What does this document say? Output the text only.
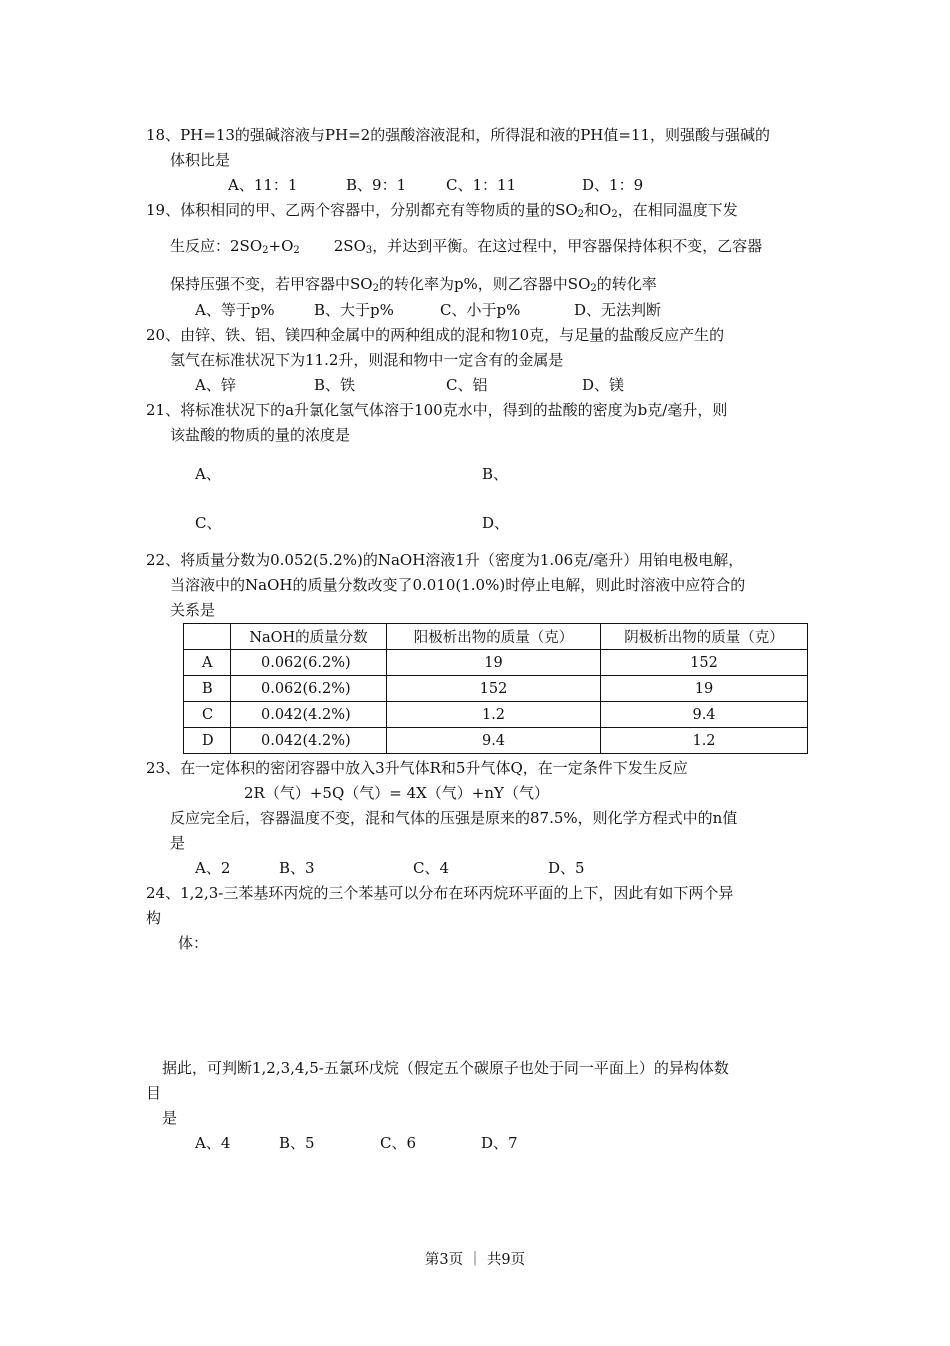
18、PH=13的强碱溶液与PH=2的强酸溶液混和，所得混和液的PH值=11，则强酸与强碱的
体积比是
A、11：1	B、9：1	C、1：11	D、1：9
19、体积相同的甲、乙两个容器中，分别都充有等物质的量的$SO_2$和$O_2$，在相同温度下发
生反应：$2SO_2+O_2$ $2SO_3$，并达到平衡。在这过程中，甲容器保持体积不变，乙容器
保持压强不变，若甲容器中$SO_2$的转化率为p%，则乙容器中$SO_2$的转化率
A、等于p%	B、大于p%	C、小于p%	D、无法判断
20、由锌、铁、铝、镁四种金属中的两种组成的混和物10克，与足量的盐酸反应产生的
氢气在标准状况下为11.2升，则混和物中一定含有的金属是
A、锌	B、铁	C、铝	D、镁
21、将标准状况下的a升氯化氢气体溶于100克水中，得到的盐酸的密度为b克/毫升，则
该盐酸的物质的量的浓度是
A、	B、
C、	D、
22、将质量分数为0.052(5.2%)的NaOH溶液1升（密度为1.06克/毫升）用铂电极电解，
当溶液中的NaOH的质量分数改变了0.010(1.0%)时停止电解，则此时溶液中应符合的
关系是
	NaOH的质量分数	阳极析出物的质量（克）	阴极析出物的质量（克）
A	0.062(6.2%)	19	152
B	0.062(6.2%)	152	19
C	0.042(4.2%)	1.2	9.4
D	0.042(4.2%)	9.4	1.2
23、在一定体积的密闭容器中放入3升气体R和5升气体Q，在一定条件下发生反应
2R（气）+5Q（气）= 4X（气）+nY（气）
反应完全后，容器温度不变，混和气体的压强是原来的87.5%，则化学方程式中的n值
是
A、2	B、3	C、4	D、5
24、1,2,3-三苯基环丙烷的三个苯基可以分布在环丙烷环平面的上下，因此有如下两个异
构
体：
据此，可判断1,2,3,4,5-五氯环戊烷（假定五个碳原子也处于同一平面上）的异构体数
目
是
A、4	B、5	C、6	D、7
第3页 ｜ 共9页
